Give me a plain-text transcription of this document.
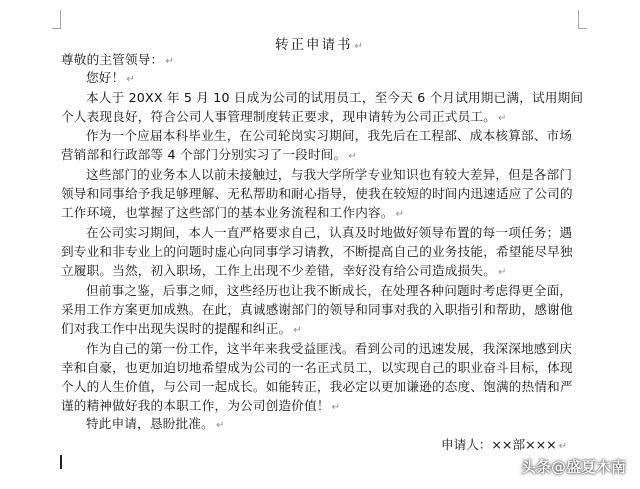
转正申请书 ↵
尊敬的主管领导： ↵
您好！ ↵
本人于 20XX 年 5 月 10 日成为公司的试用员工，至今天 6 个月试用期已满，试用期间
个人表现良好，符合公司人事管理制度转正要求，现申请转为公司正式员工。 ↵
作为一个应届本科毕业生，在公司轮岗实习期间，我先后在工程部、成本核算部、市场
营销部和行政部等 4 个部门分别实习了一段时间。 ↵
这些部门的业务本人以前未接触过，与我大学所学专业知识也有较大差异，但是各部门
领导和同事给予我足够理解、无私帮助和耐心指导，使我在较短的时间内迅速适应了公司的
工作环境，也掌握了这些部门的基本业务流程和工作内容。 ↵
在公司实习期间，本人一直严格要求自己，认真及时地做好领导布置的每一项任务；遇
到专业和非专业上的问题时虚心向同事学习请教，不断提高自己的业务技能，希望能尽早独
立履职。当然，初入职场，工作上出现不少差错，幸好没有给公司造成损失。 ↵
但前事之鉴，后事之师，这些经历也让我不断成长，在处理各种问题时考虑得更全面，
采用工作方案更加成熟。在此，真诚感谢部门的领导和同事对我的入职指引和帮助，感谢他
们对我工作中出现失误时的提醒和纠正。 ↵
作为自己的第一份工作，这半年来我受益匪浅。看到公司的迅速发展，我深深地感到庆
幸和自豪，也更加迫切地希望成为公司的一名正式员工，以实现自己的职业奋斗目标，体现
个人的人生价值，与公司一起成长。如能转正，我必定以更加谦逊的态度、饱满的热情和严
谨的精神做好我的本职工作，为公司创造价值！ ↵
特此申请，恳盼批准。 ↵
申请人：××部××× ↵
头条@盛夏木南
